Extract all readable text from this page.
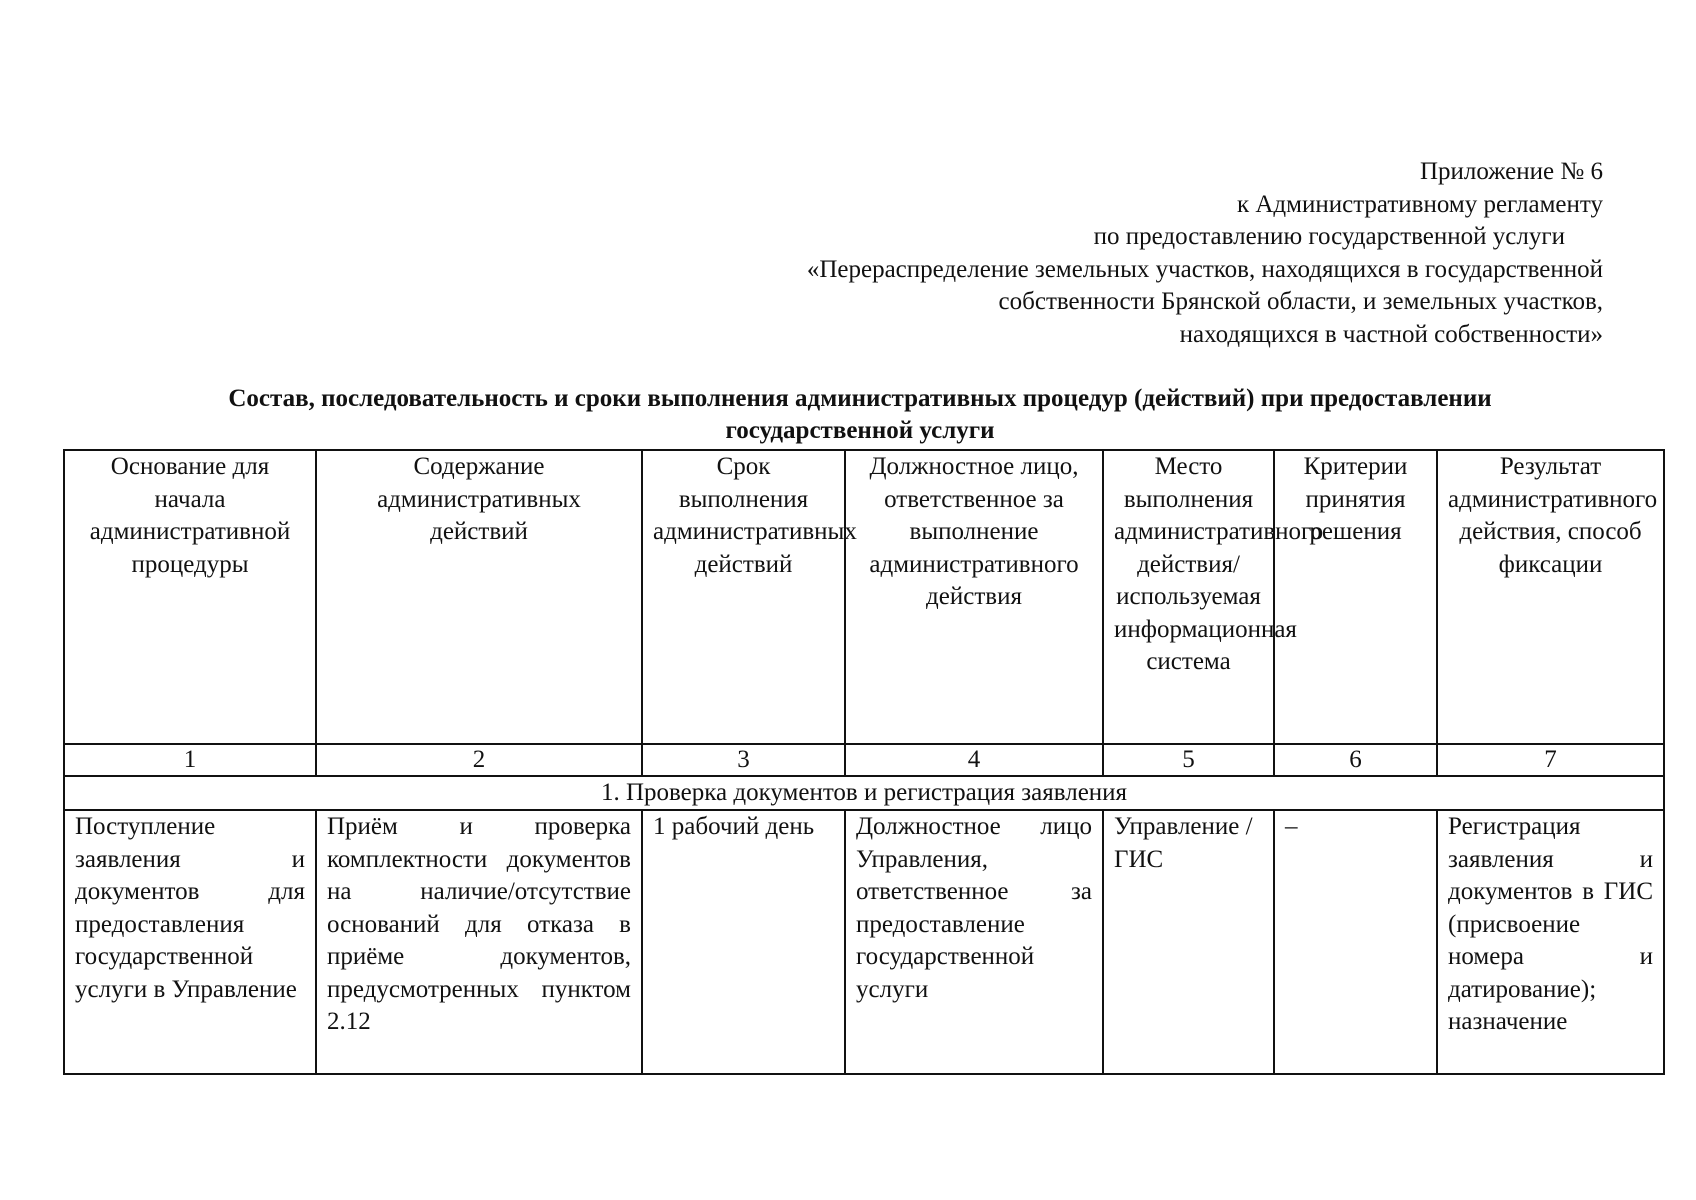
Приложение № 6
к Административному регламенту
по предоставлению государственной услуги
«Перераспределение земельных участков, находящихся в государственной
собственности Брянской области, и земельных участков,
находящихся в частной собственности»
Состав, последовательность и сроки выполнения административных процедур (действий) при предоставлении
государственной услуги
Основание для начала административной процедуры	Содержание административных действий	Срок выполнения административных действий	Должностное лицо, ответственное за выполнение административного действия	Место выполнения административного действия/используемая информационная система	Критерии принятия решения	Результат административного действия, способ фиксации
1	2	3	4	5	6	7
1. Проверка документов и регистрация заявления						

Поступление заявления и документов для предоставления государственной услуги в Управление	Приём и проверка комплектности документов на наличие/отсутствие оснований для отказа в приёме документов, предусмотренных пунктом 2.12	1 рабочий день	Должностное лицо Управления, ответственное за предоставление государственной услуги	Управление / ГИС	–	Регистрация заявления и документов в ГИС (присвоение номера и датирование); назначение
